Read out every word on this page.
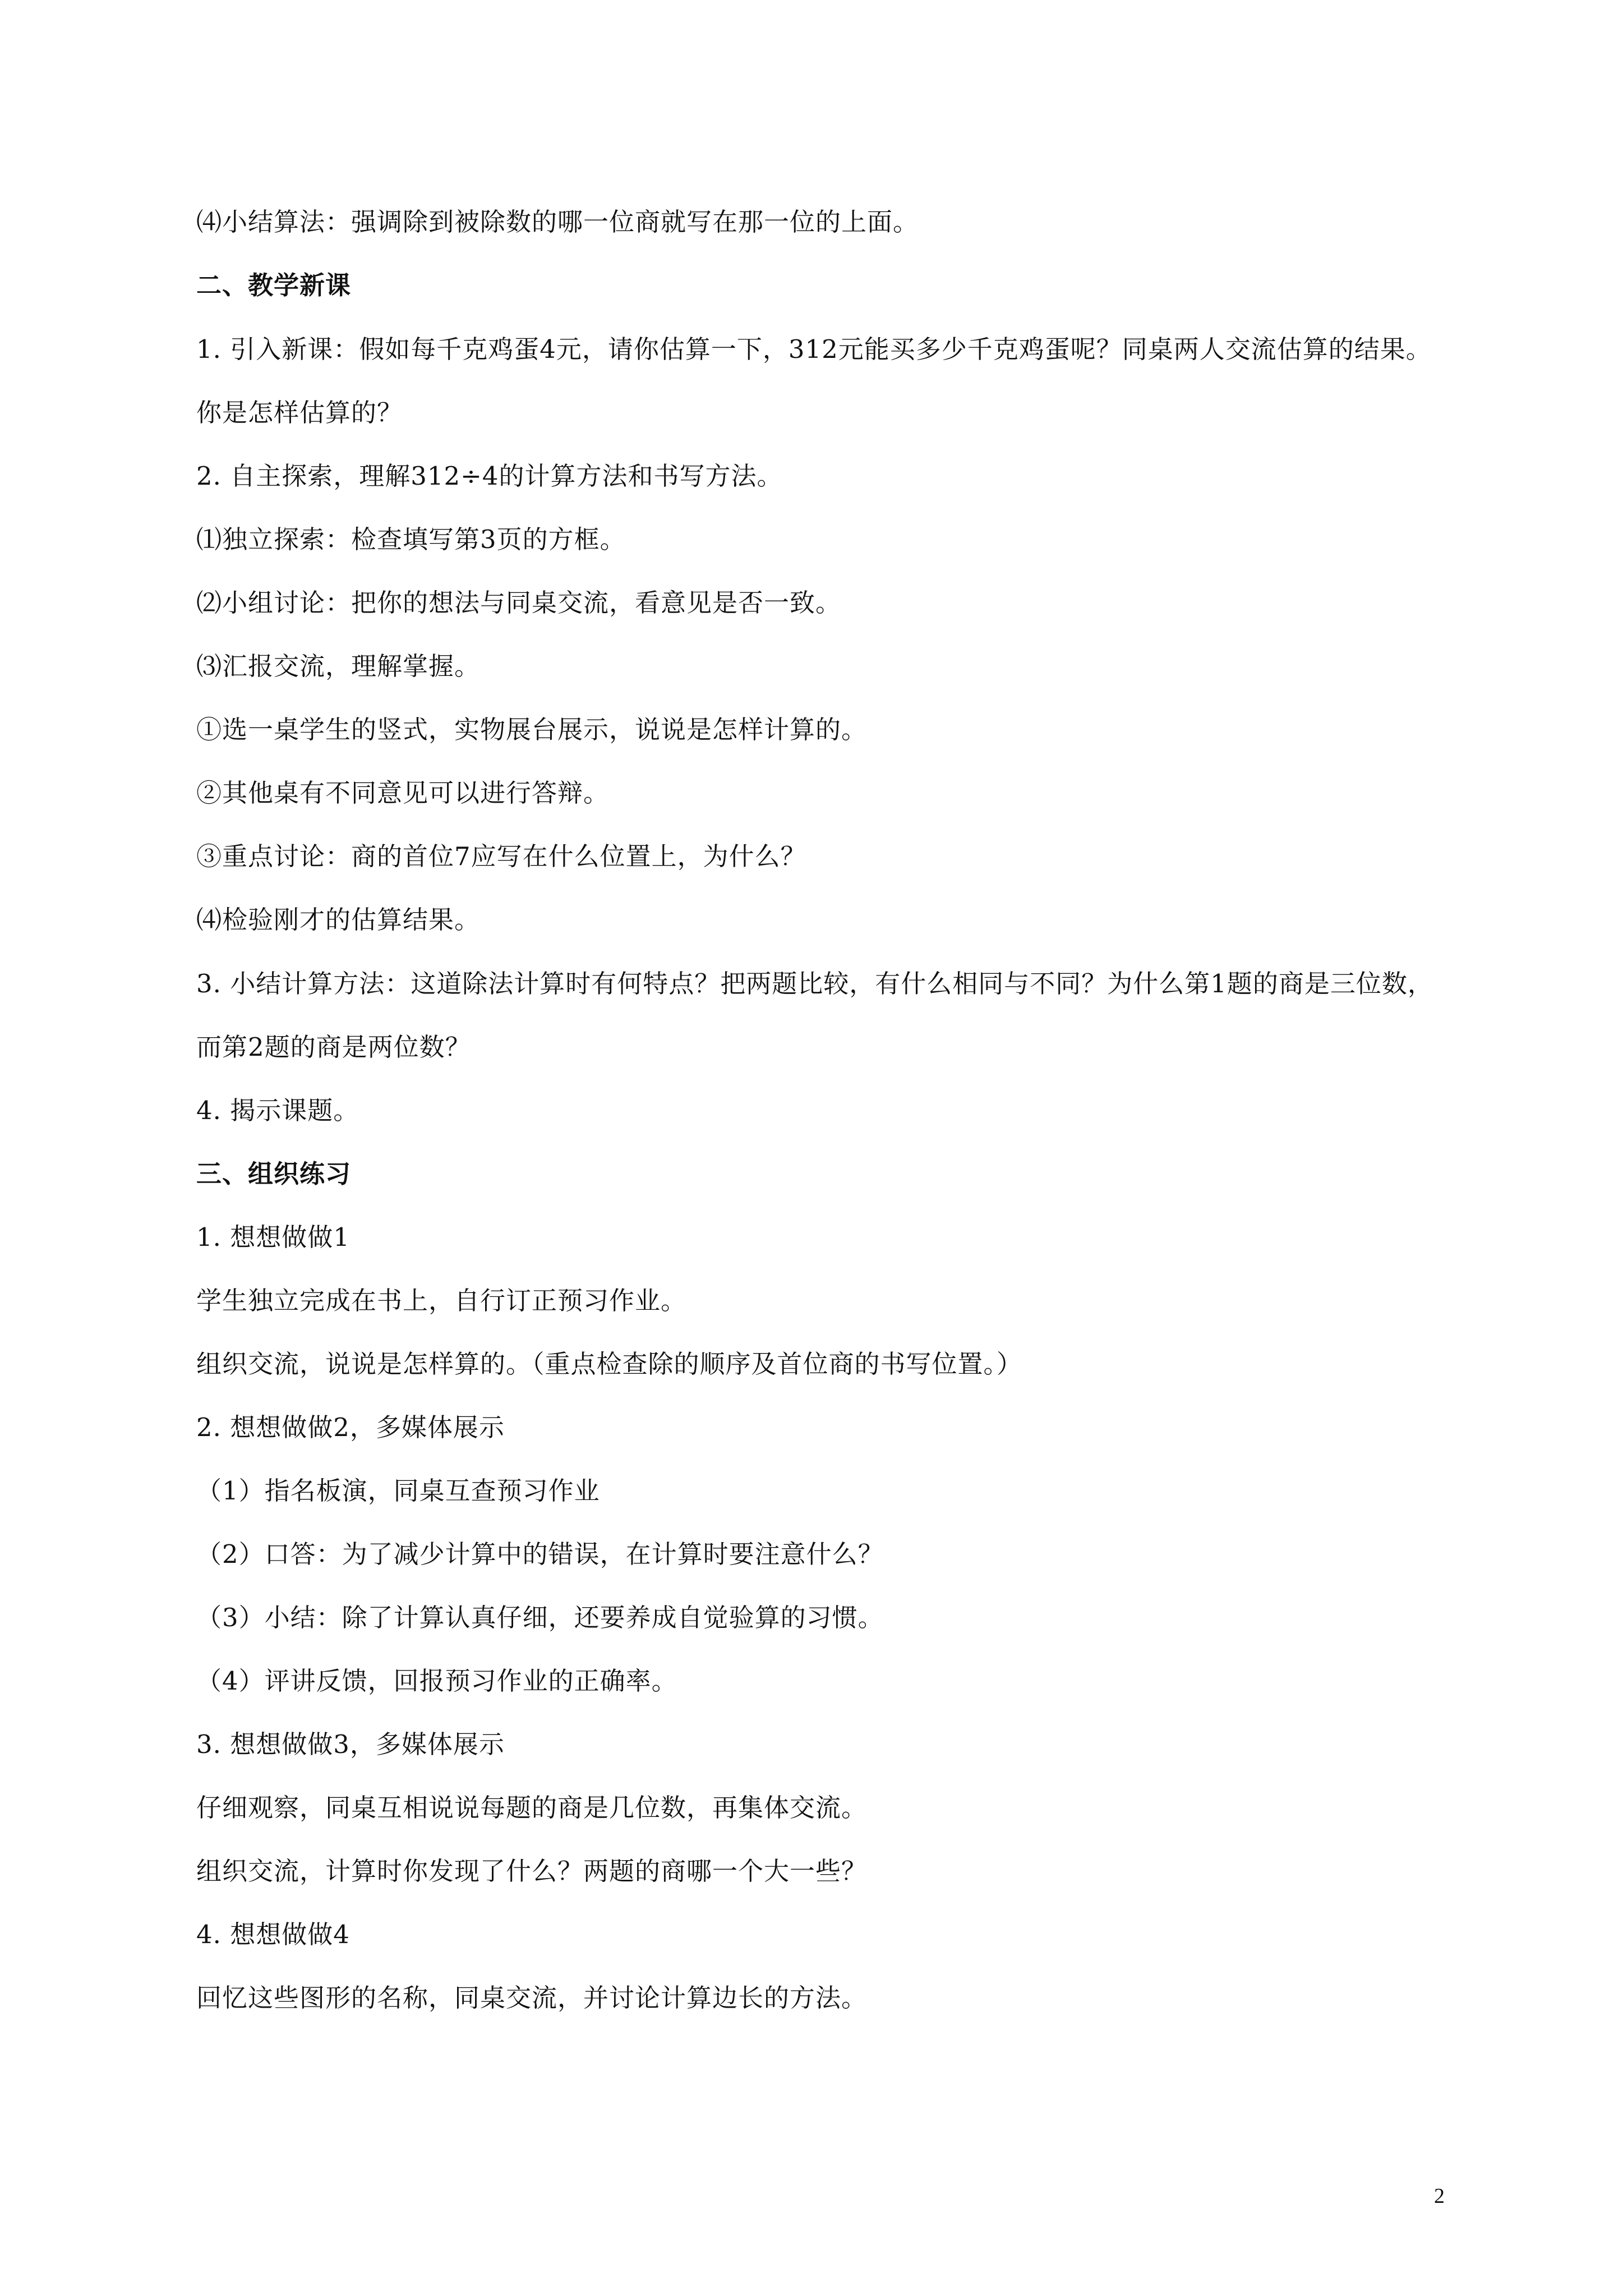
⑷小结算法：强调除到被除数的哪一位商就写在那一位的上面。

二、教学新课

1. 引入新课：假如每千克鸡蛋4元，请你估算一下，312元能买多少千克鸡蛋呢？同桌两人交流估算的结果。

你是怎样估算的？

2. 自主探索，理解312÷4的计算方法和书写方法。

⑴独立探索：检查填写第3页的方框。

⑵小组讨论：把你的想法与同桌交流，看意见是否一致。

⑶汇报交流，理解掌握。

①选一桌学生的竖式，实物展台展示，说说是怎样计算的。

②其他桌有不同意见可以进行答辩。

③重点讨论：商的首位7应写在什么位置上，为什么？

⑷检验刚才的估算结果。

3. 小结计算方法：这道除法计算时有何特点？把两题比较，有什么相同与不同？为什么第1题的商是三位数，而第2题的商是两位数？

4. 揭示课题。

三、组织练习

1. 想想做做1

学生独立完成在书上，自行订正预习作业。

组织交流，说说是怎样算的。（重点检查除的顺序及首位商的书写位置。）

2. 想想做做2，多媒体展示

（1）指名板演，同桌互查预习作业

（2）口答：为了减少计算中的错误，在计算时要注意什么？

（3）小结：除了计算认真仔细，还要养成自觉验算的习惯。

（4）评讲反馈，回报预习作业的正确率。

3. 想想做做3，多媒体展示

仔细观察，同桌互相说说每题的商是几位数，再集体交流。

组织交流，计算时你发现了什么？两题的商哪一个大一些？

4. 想想做做4

回忆这些图形的名称，同桌交流，并讨论计算边长的方法。

2
